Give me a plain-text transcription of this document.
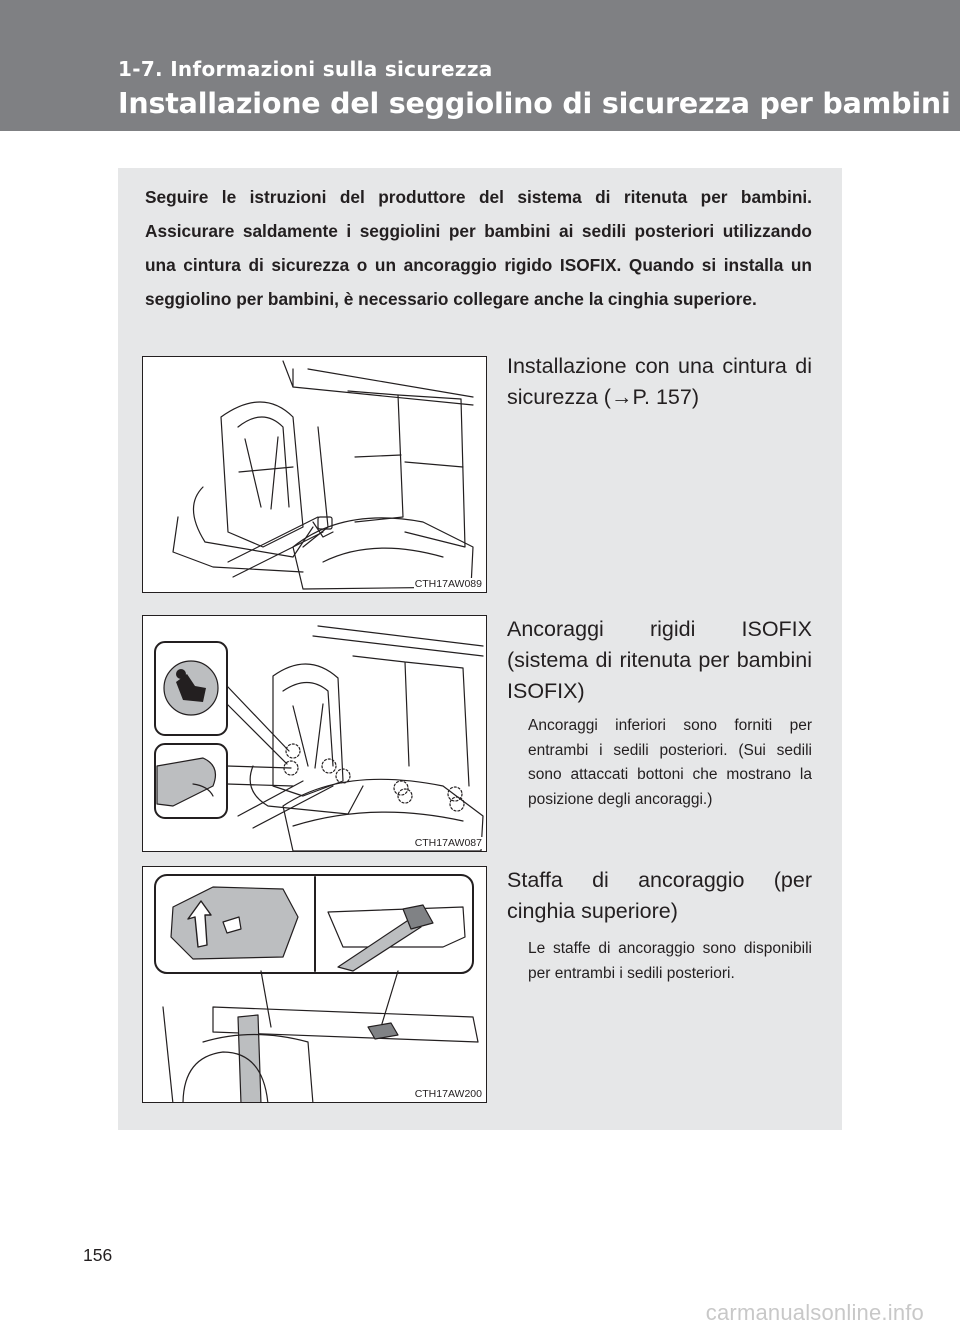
1-7. Informazioni sulla sicurezza
Installazione del seggiolino di sicurezza per bambini
Seguire le istruzioni del produttore del sistema di ritenuta per bambini. Assicurare saldamente i seggiolini per bambini ai sedili posteriori utilizzando una cintura di sicurezza o un ancoraggio rigido ISOFIX. Quando si installa un seggiolino per bambini, è necessario collegare anche la cinghia superiore.
CTH17AW089
Installazione con una cintura di sicurezza (→P. 157)
CTH17AW087
Ancoraggi rigidi ISOFIX (sistema di ritenuta per bambini ISOFIX)
Ancoraggi inferiori sono forniti per entrambi i sedili posteriori. (Sui sedili sono attaccati bottoni che mostrano la posizione degli ancoraggi.)
CTH17AW200
Staffa di ancoraggio (per cinghia superiore)
Le staffe di ancoraggio sono disponibili per entrambi i sedili posteriori.
156
carmanualsonline.info
